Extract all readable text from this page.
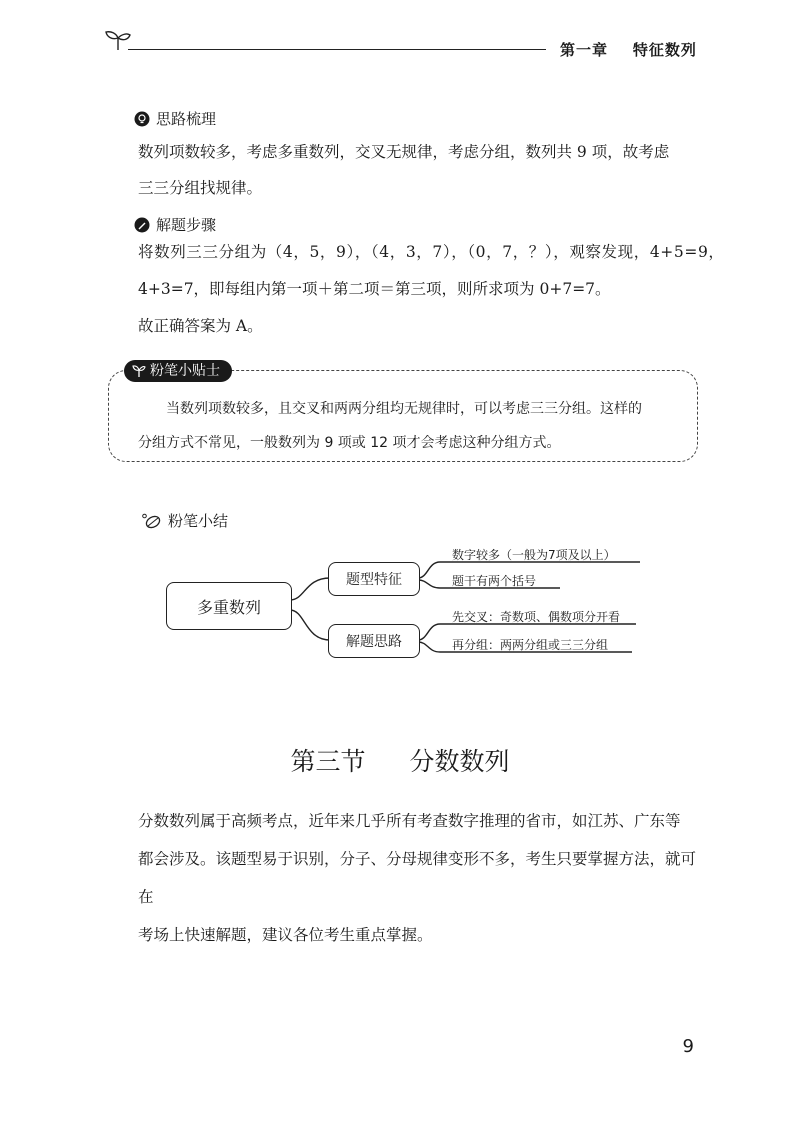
第一章    特征数列
思路梳理

数列项数较多，考虑多重数列，交叉无规律，考虑分组，数列共 9 项，故考虑

三三分组找规律。

解题步骤
将数列三三分组为（4，5，9），（4，3，7），（0，7，？），观察发现，4+5=9，
4+3=7，即每组内第一项＋第二项＝第三项，则所求项为 0+7=7。
故正确答案为 A。
粉笔小贴士

当数列项数较多，且交叉和两两分组均无规律时，可以考虑三三分组。这样的

分组方式不常见，一般数列为 9 项或 12 项才会考虑这种分组方式。

粉笔小结
多重数列
题型特征
解题思路
数字较多（一般为7项及以上）
题干有两个括号
先交叉：奇数项、偶数项分开看
再分组：两两分组或三三分组
第三节  分数数列

分数数列属于高频考点，近年来几乎所有考查数字推理的省市，如江苏、广东等

都会涉及。该题型易于识别，分子、分母规律变形不多，考生只要掌握方法，就可在

考场上快速解题，建议各位考生重点掌握。

9
